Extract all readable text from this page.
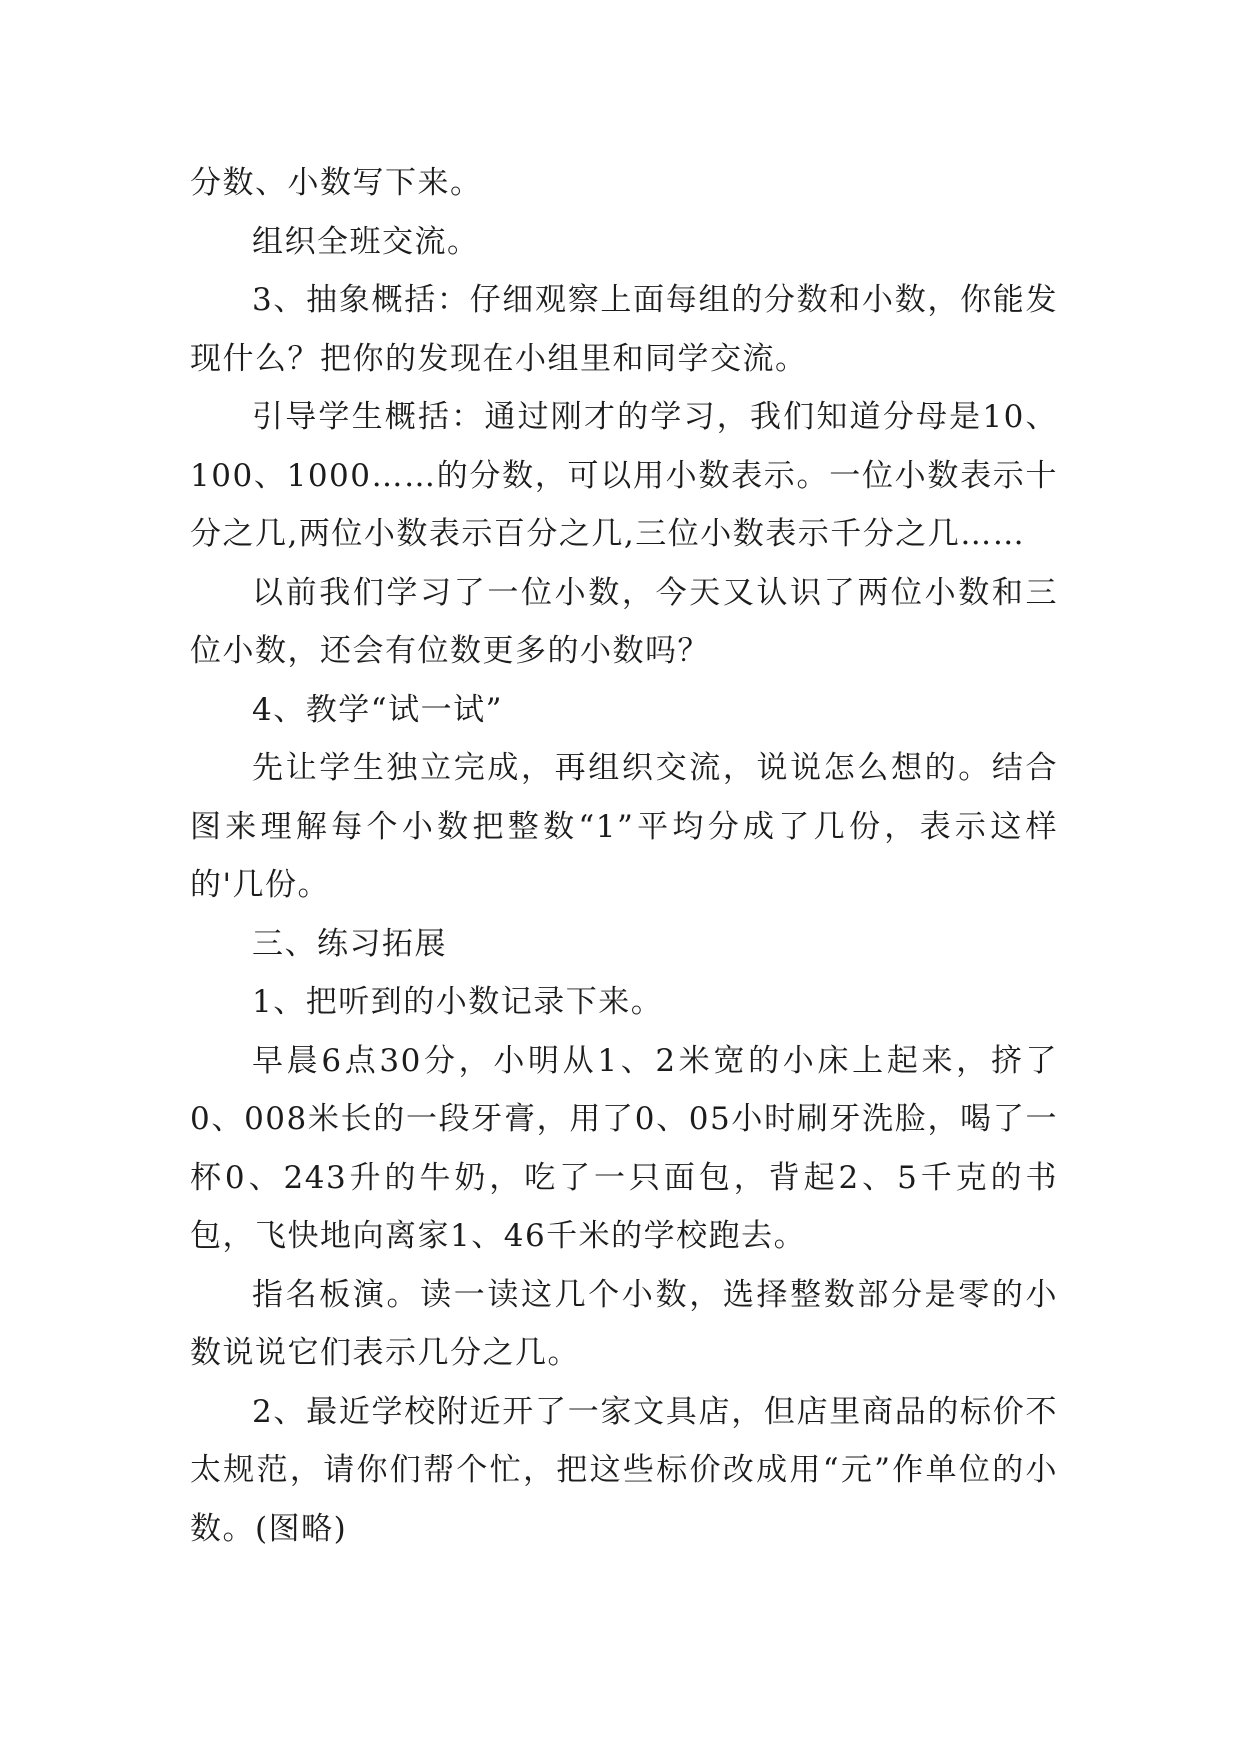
分数、小数写下来。

组织全班交流。

3、抽象概括：仔细观察上面每组的分数和小数，你能发现什么？把你的发现在小组里和同学交流。

引导学生概括：通过刚才的学习，我们知道分母是10、100、1000……的分数，可以用小数表示。一位小数表示十分之几,两位小数表示百分之几,三位小数表示千分之几……

以前我们学习了一位小数，今天又认识了两位小数和三位小数，还会有位数更多的小数吗？

4、教学“试一试”

先让学生独立完成，再组织交流，说说怎么想的。结合图来理解每个小数把整数“1”平均分成了几份，表示这样的'几份。

三、练习拓展

1、把听到的小数记录下来。

早晨6点30分，小明从1、2米宽的小床上起来，挤了0、008米长的一段牙膏，用了0、05小时刷牙洗脸，喝了一杯0、243升的牛奶，吃了一只面包，背起2、5千克的书包，飞快地向离家1、46千米的学校跑去。

指名板演。读一读这几个小数，选择整数部分是零的小数说说它们表示几分之几。

2、最近学校附近开了一家文具店，但店里商品的标价不太规范，请你们帮个忙，把这些标价改成用“元”作单位的小数。(图略)
